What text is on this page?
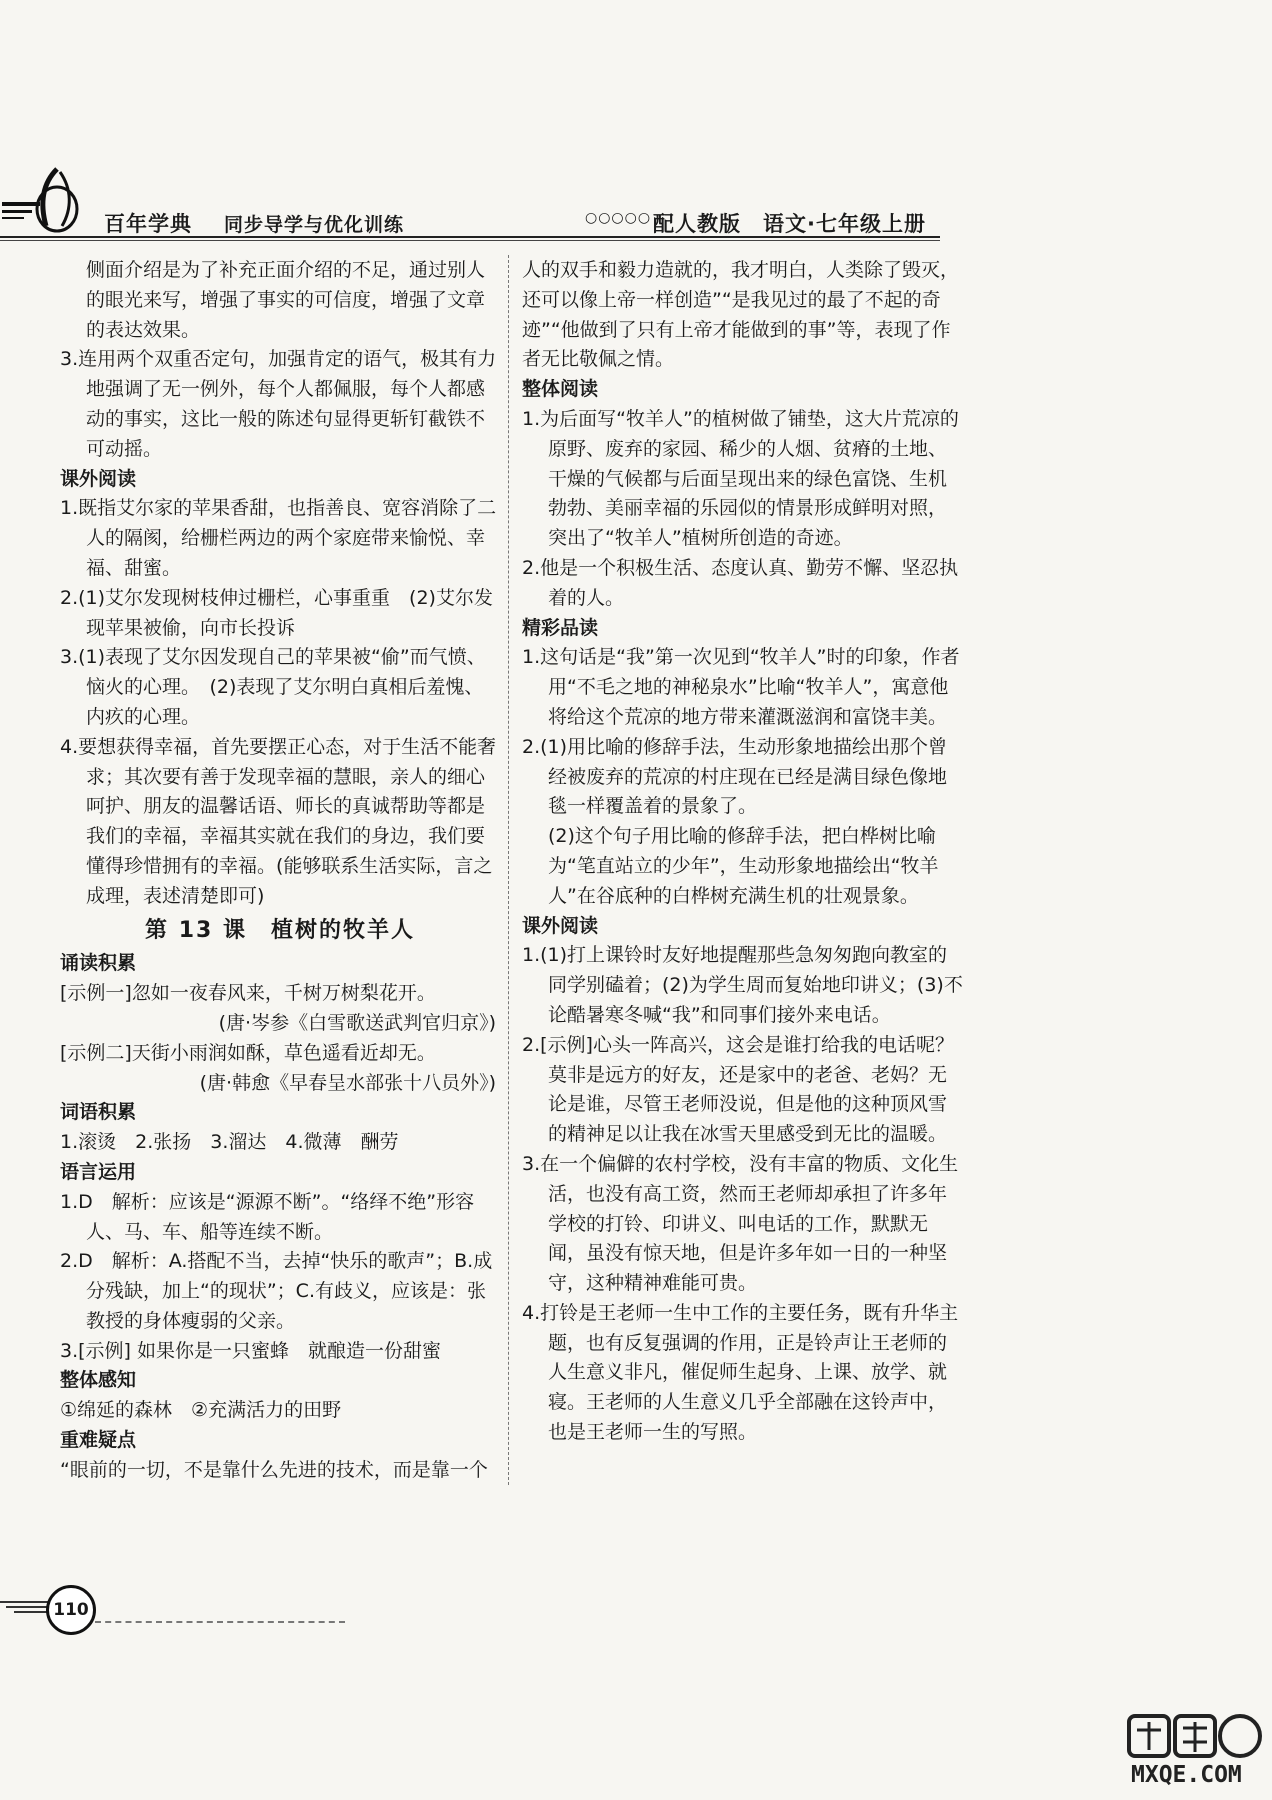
百年学典 同步导学与优化训练	○○○○○ 配人教版　语文·七年级上册
侧面介绍是为了补充正面介绍的不足，通过别人的眼光来写，增强了事实的可信度，增强了文章的表达效果。
3.连用两个双重否定句，加强肯定的语气，极其有力地强调了无一例外，每个人都佩服，每个人都感动的事实，这比一般的陈述句显得更斩钉截铁不可动摇。
课外阅读
1.既指艾尔家的苹果香甜，也指善良、宽容消除了二人的隔阂，给栅栏两边的两个家庭带来愉悦、幸福、甜蜜。
2.(1)艾尔发现树枝伸过栅栏，心事重重　(2)艾尔发现苹果被偷，向市长投诉
3.(1)表现了艾尔因发现自己的苹果被“偷”而气愤、恼火的心理。　(2)表现了艾尔明白真相后羞愧、内疚的心理。
4.要想获得幸福，首先要摆正心态，对于生活不能奢求；其次要有善于发现幸福的慧眼，亲人的细心呵护、朋友的温馨话语、师长的真诚帮助等都是我们的幸福，幸福其实就在我们的身边，我们要懂得珍惜拥有的幸福。(能够联系生活实际，言之成理，表述清楚即可)
第 13 课　植树的牧羊人
诵读积累
[示例一]忽如一夜春风来，千树万树梨花开。
(唐·岑参《白雪歌送武判官归京》)
[示例二]天街小雨润如酥，草色遥看近却无。
(唐·韩愈《早春呈水部张十八员外》)
词语积累
1.滚烫　2.张扬　3.溜达　4.微薄　酬劳
语言运用
1.D　解析：应该是“源源不断”。“络绎不绝”形容人、马、车、船等连续不断。
2.D　解析：A.搭配不当，去掉“快乐的歌声”；B.成分残缺，加上“的现状”；C.有歧义，应该是：张教授的身体瘦弱的父亲。
3.[示例] 如果你是一只蜜蜂　就酿造一份甜蜜
整体感知
①绵延的森林　②充满活力的田野
重难疑点
“眼前的一切，不是靠什么先进的技术，而是靠一个
人的双手和毅力造就的，我才明白，人类除了毁灭，还可以像上帝一样创造”“是我见过的最了不起的奇迹”“他做到了只有上帝才能做到的事”等，表现了作者无比敬佩之情。
整体阅读
1.为后面写“牧羊人”的植树做了铺垫，这大片荒凉的原野、废弃的家园、稀少的人烟、贫瘠的土地、干燥的气候都与后面呈现出来的绿色富饶、生机勃勃、美丽幸福的乐园似的情景形成鲜明对照，突出了“牧羊人”植树所创造的奇迹。
2.他是一个积极生活、态度认真、勤劳不懈、坚忍执着的人。
精彩品读
1.这句话是“我”第一次见到“牧羊人”时的印象，作者用“不毛之地的神秘泉水”比喻“牧羊人”，寓意他将给这个荒凉的地方带来灌溉滋润和富饶丰美。
2.(1)用比喻的修辞手法，生动形象地描绘出那个曾经被废弃的荒凉的村庄现在已经是满目绿色像地毯一样覆盖着的景象了。
(2)这个句子用比喻的修辞手法，把白桦树比喻为“笔直站立的少年”，生动形象地描绘出“牧羊人”在谷底种的白桦树充满生机的壮观景象。
课外阅读
1.(1)打上课铃时友好地提醒那些急匆匆跑向教室的同学别磕着；(2)为学生周而复始地印讲义；(3)不论酷暑寒冬喊“我”和同事们接外来电话。
2.[示例]心头一阵高兴，这会是谁打给我的电话呢？莫非是远方的好友，还是家中的老爸、老妈？无论是谁，尽管王老师没说，但是他的这种顶风雪的精神足以让我在冰雪天里感受到无比的温暖。
3.在一个偏僻的农村学校，没有丰富的物质、文化生活，也没有高工资，然而王老师却承担了许多年学校的打铃、印讲义、叫电话的工作，默默无闻，虽没有惊天地，但是许多年如一日的一种坚守，这种精神难能可贵。
4.打铃是王老师一生中工作的主要任务，既有升华主题，也有反复强调的作用，正是铃声让王老师的人生意义非凡，催促师生起身、上课、放学、就寝。王老师的人生意义几乎全部融在这铃声中，也是王老师一生的写照。
110
MXQE.COM
